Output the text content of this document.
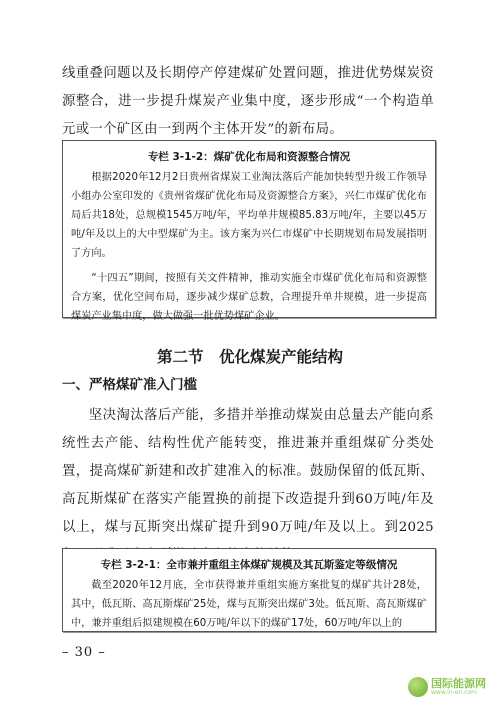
线重叠问题以及长期停产停建煤矿处置问题，推进优势煤炭资源整合，进一步提升煤炭产业集中度，逐步形成“一个构造单元或一个矿区由一到两个主体开发”的新布局。

专栏 3-1-2：煤矿优化布局和资源整合情况

根据2020年12月2日贵州省煤炭工业淘汰落后产能加快转型升级工作领导小组办公室印发的《贵州省煤矿优化布局及资源整合方案》，兴仁市煤矿优化布局后共18处，总规模1545万吨/年，平均单井规模85.83万吨/年，主要以45万吨/年及以上的大中型煤矿为主。该方案为兴仁市煤矿中长期规划布局发展指明了方向。

“十四五”期间，按照有关文件精神，推动实施全市煤矿优化布局和资源整合方案，优化空间布局，逐步减少煤矿总数，合理提升单井规模，进一步提高煤炭产业集中度，做大做强一批优势煤矿企业。

第二节　优化煤炭产能结构
一、严格煤矿准入门槛

坚决淘汰落后产能，多措并举推动煤炭由总量去产能向系统性去产能、结构性优产能转变，推进兼并重组煤矿分类处置，提高煤矿新建和改扩建准入的标准。鼓励保留的低瓦斯、高瓦斯煤矿在落实产能置换的前提下改造提升到60万吨/年及以上，煤与瓦斯突出煤矿提升到90万吨/年及以上。到2025

专栏 3-2-1：全市兼并重组主体煤矿规模及其瓦斯鉴定等级情况

截至2020年12月底，全市获得兼并重组实施方案批复的煤矿共计28处，其中，低瓦斯、高瓦斯煤矿25处，煤与瓦斯突出煤矿3处。低瓦斯、高瓦斯煤矿中，兼并重组后拟建规模在60万吨/年以下的煤矿17处，60万吨/年以上的

– 30 –
国际能源网
www.in-en.com
